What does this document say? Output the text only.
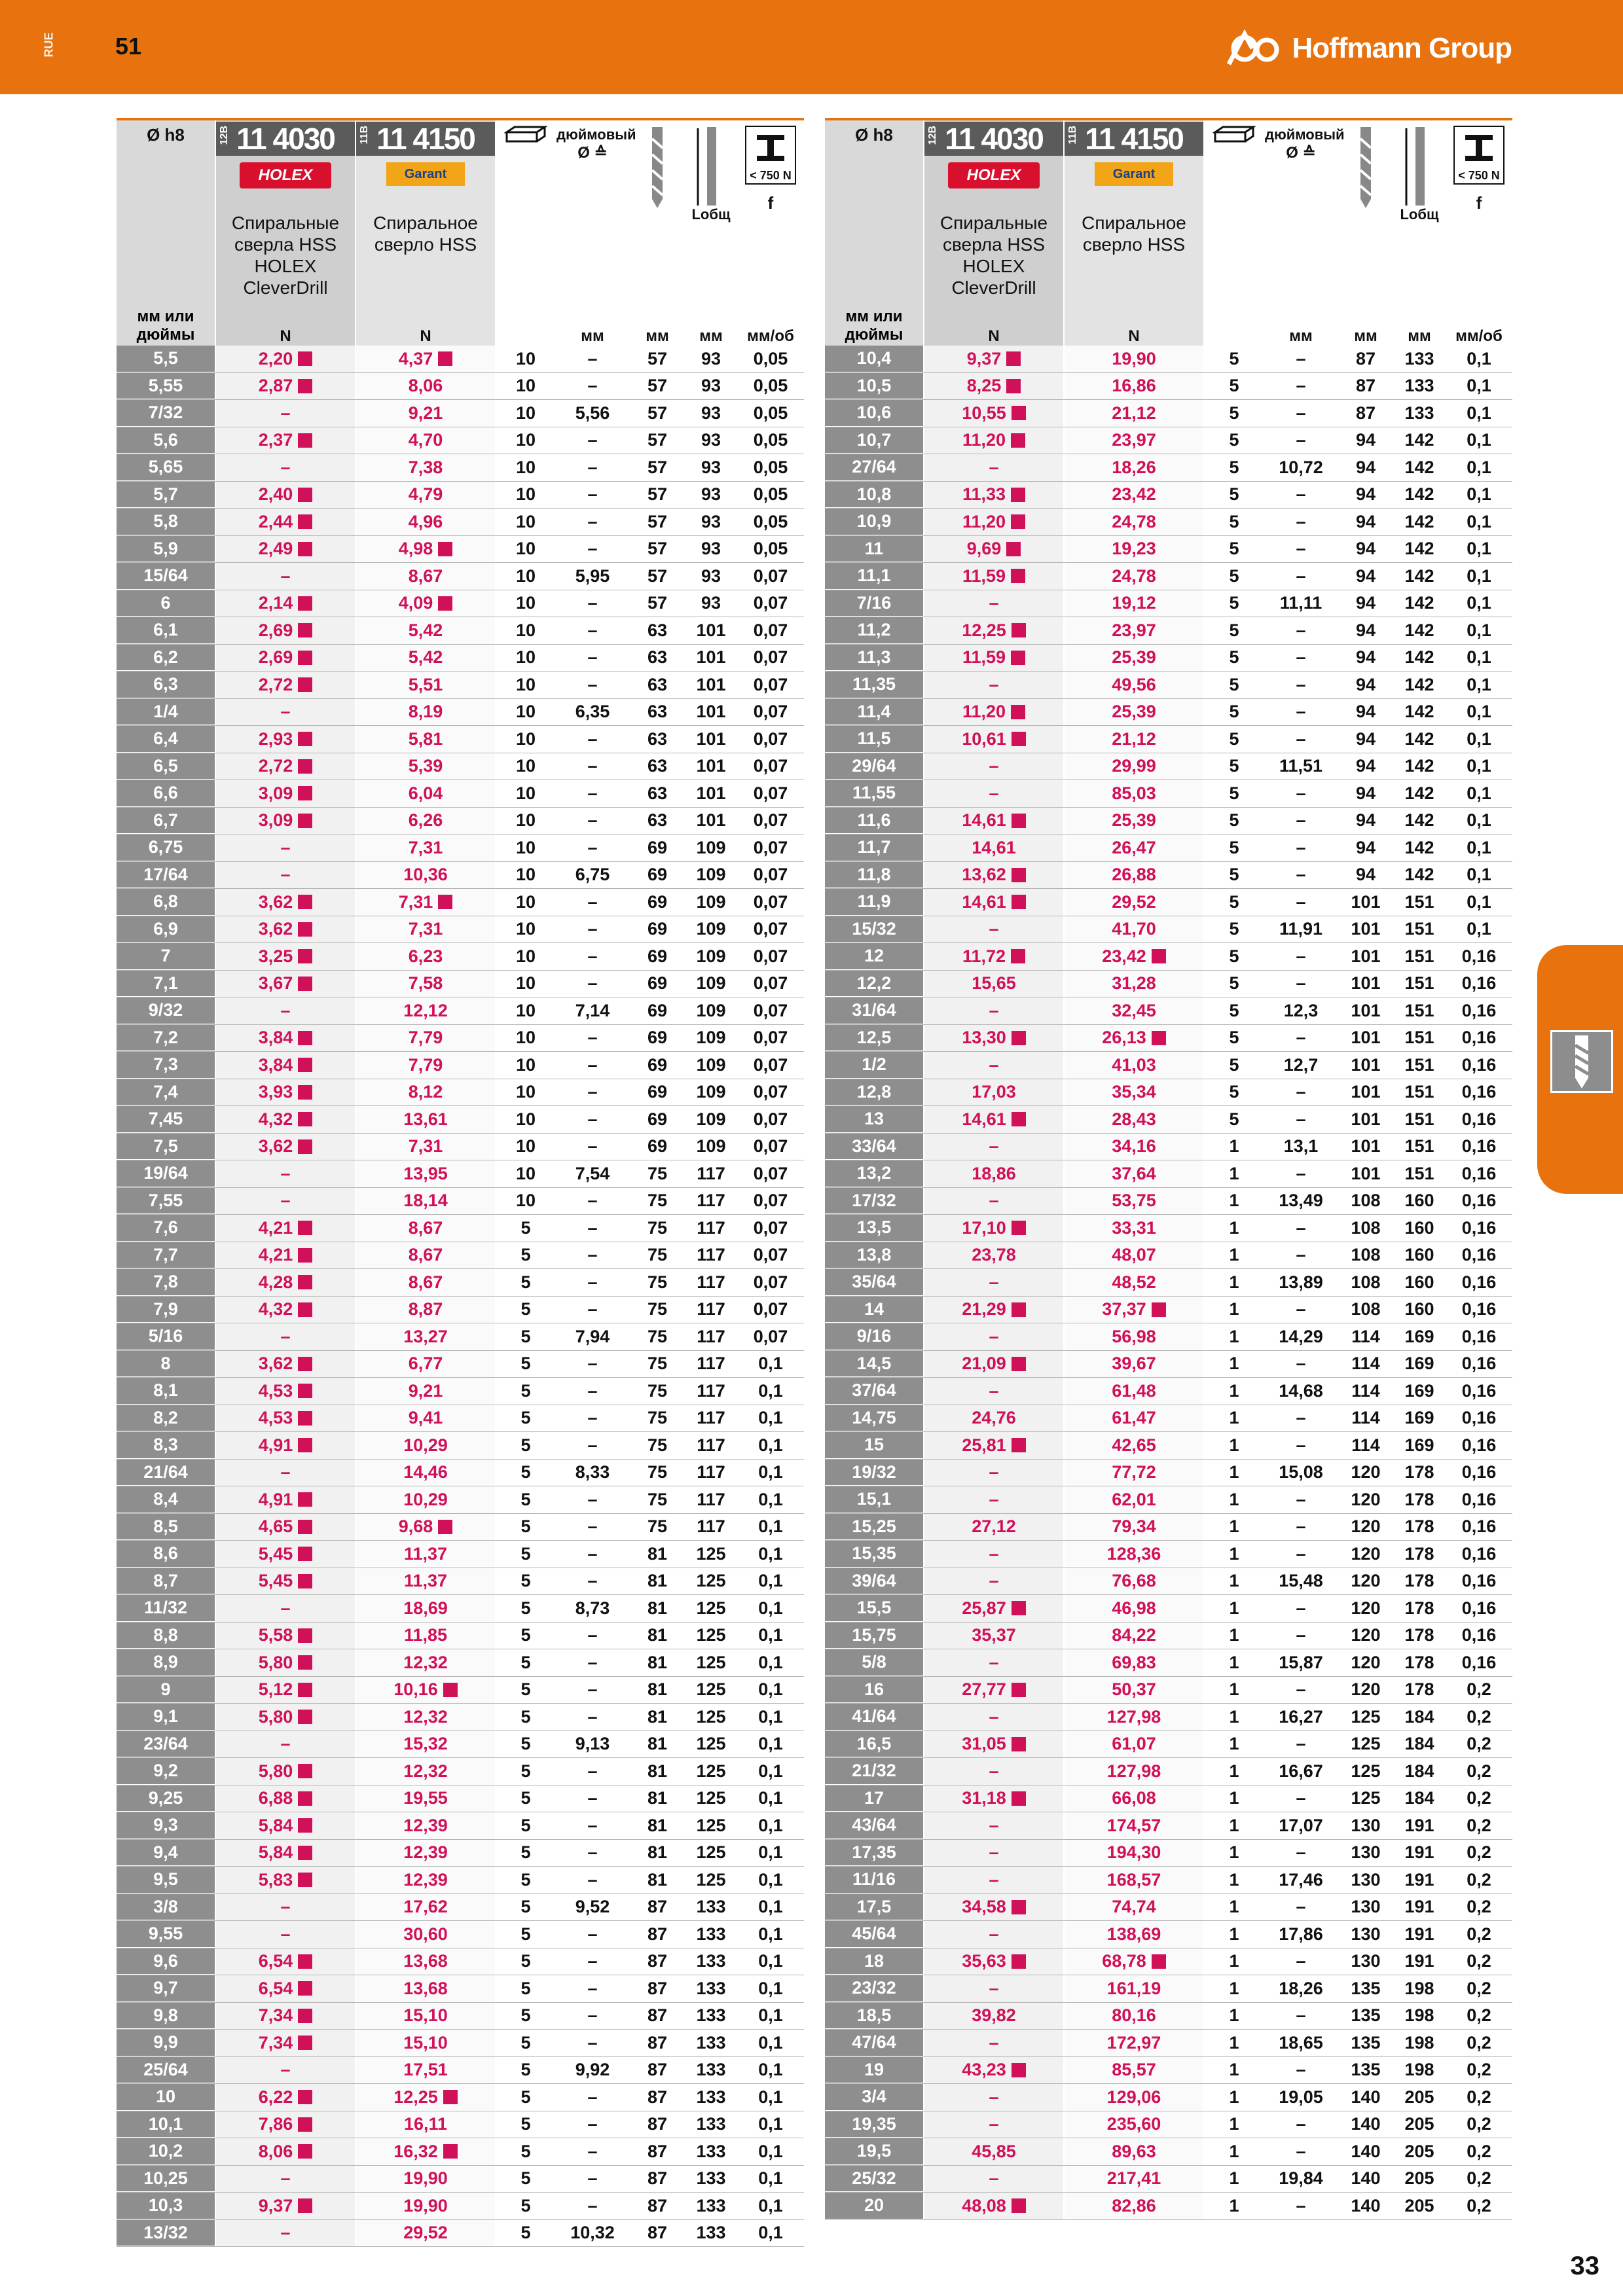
RUE	51	Hoffmann Group
33
Ø h8
мм или дюймы
12B 11 4030
HOLEX
Спиральные сверла HSS HOLEX CleverDrill
N
11B 11 4150
Garant
Спиральное сверло HSS
N
дюймовый
Ø ≙
мм	мм
Lобщ
мм
< 750 N
f
мм/об
5,5	2,20	4,37	10	–	57	93	0,05
5,55	2,87	8,06	10	–	57	93	0,05
7/32	–	9,21	10	5,56	57	93	0,05
5,6	2,37	4,70	10	–	57	93	0,05
5,65	–	7,38	10	–	57	93	0,05
5,7	2,40	4,79	10	–	57	93	0,05
5,8	2,44	4,96	10	–	57	93	0,05
5,9	2,49	4,98	10	–	57	93	0,05
15/64	–	8,67	10	5,95	57	93	0,07
6	2,14	4,09	10	–	57	93	0,07
6,1	2,69	5,42	10	–	63	101	0,07
6,2	2,69	5,42	10	–	63	101	0,07
6,3	2,72	5,51	10	–	63	101	0,07
1/4	–	8,19	10	6,35	63	101	0,07
6,4	2,93	5,81	10	–	63	101	0,07
6,5	2,72	5,39	10	–	63	101	0,07
6,6	3,09	6,04	10	–	63	101	0,07
6,7	3,09	6,26	10	–	63	101	0,07
6,75	–	7,31	10	–	69	109	0,07
17/64	–	10,36	10	6,75	69	109	0,07
6,8	3,62	7,31	10	–	69	109	0,07
6,9	3,62	7,31	10	–	69	109	0,07
7	3,25	6,23	10	–	69	109	0,07
7,1	3,67	7,58	10	–	69	109	0,07
9/32	–	12,12	10	7,14	69	109	0,07
7,2	3,84	7,79	10	–	69	109	0,07
7,3	3,84	7,79	10	–	69	109	0,07
7,4	3,93	8,12	10	–	69	109	0,07
7,45	4,32	13,61	10	–	69	109	0,07
7,5	3,62	7,31	10	–	69	109	0,07
19/64	–	13,95	10	7,54	75	117	0,07
7,55	–	18,14	10	–	75	117	0,07
7,6	4,21	8,67	5	–	75	117	0,07
7,7	4,21	8,67	5	–	75	117	0,07
7,8	4,28	8,67	5	–	75	117	0,07
7,9	4,32	8,87	5	–	75	117	0,07
5/16	–	13,27	5	7,94	75	117	0,07
8	3,62	6,77	5	–	75	117	0,1
8,1	4,53	9,21	5	–	75	117	0,1
8,2	4,53	9,41	5	–	75	117	0,1
8,3	4,91	10,29	5	–	75	117	0,1
21/64	–	14,46	5	8,33	75	117	0,1
8,4	4,91	10,29	5	–	75	117	0,1
8,5	4,65	9,68	5	–	75	117	0,1
8,6	5,45	11,37	5	–	81	125	0,1
8,7	5,45	11,37	5	–	81	125	0,1
11/32	–	18,69	5	8,73	81	125	0,1
8,8	5,58	11,85	5	–	81	125	0,1
8,9	5,80	12,32	5	–	81	125	0,1
9	5,12	10,16	5	–	81	125	0,1
9,1	5,80	12,32	5	–	81	125	0,1
23/64	–	15,32	5	9,13	81	125	0,1
9,2	5,80	12,32	5	–	81	125	0,1
9,25	6,88	19,55	5	–	81	125	0,1
9,3	5,84	12,39	5	–	81	125	0,1
9,4	5,84	12,39	5	–	81	125	0,1
9,5	5,83	12,39	5	–	81	125	0,1
3/8	–	17,62	5	9,52	87	133	0,1
9,55	–	30,60	5	–	87	133	0,1
9,6	6,54	13,68	5	–	87	133	0,1
9,7	6,54	13,68	5	–	87	133	0,1
9,8	7,34	15,10	5	–	87	133	0,1
9,9	7,34	15,10	5	–	87	133	0,1
25/64	–	17,51	5	9,92	87	133	0,1
10	6,22	12,25	5	–	87	133	0,1
10,1	7,86	16,11	5	–	87	133	0,1
10,2	8,06	16,32	5	–	87	133	0,1
10,25	–	19,90	5	–	87	133	0,1
10,3	9,37	19,90	5	–	87	133	0,1
13/32	–	29,52	5	10,32	87	133	0,1
Ø h8
мм или дюймы
12B 11 4030
HOLEX
Спиральные сверла HSS HOLEX CleverDrill
N
11B 11 4150
Garant
Спиральное сверло HSS
N
дюймовый
Ø ≙
мм	мм
Lобщ
мм
< 750 N
f
мм/об
10,4	9,37	19,90	5	–	87	133	0,1
10,5	8,25	16,86	5	–	87	133	0,1
10,6	10,55	21,12	5	–	87	133	0,1
10,7	11,20	23,97	5	–	94	142	0,1
27/64	–	18,26	5	10,72	94	142	0,1
10,8	11,33	23,42	5	–	94	142	0,1
10,9	11,20	24,78	5	–	94	142	0,1
11	9,69	19,23	5	–	94	142	0,1
11,1	11,59	24,78	5	–	94	142	0,1
7/16	–	19,12	5	11,11	94	142	0,1
11,2	12,25	23,97	5	–	94	142	0,1
11,3	11,59	25,39	5	–	94	142	0,1
11,35	–	49,56	5	–	94	142	0,1
11,4	11,20	25,39	5	–	94	142	0,1
11,5	10,61	21,12	5	–	94	142	0,1
29/64	–	29,99	5	11,51	94	142	0,1
11,55	–	85,03	5	–	94	142	0,1
11,6	14,61	25,39	5	–	94	142	0,1
11,7	14,61	26,47	5	–	94	142	0,1
11,8	13,62	26,88	5	–	94	142	0,1
11,9	14,61	29,52	5	–	101	151	0,1
15/32	–	41,70	5	11,91	101	151	0,1
12	11,72	23,42	5	–	101	151	0,16
12,2	15,65	31,28	5	–	101	151	0,16
31/64	–	32,45	5	12,3	101	151	0,16
12,5	13,30	26,13	5	–	101	151	0,16
1/2	–	41,03	5	12,7	101	151	0,16
12,8	17,03	35,34	5	–	101	151	0,16
13	14,61	28,43	5	–	101	151	0,16
33/64	–	34,16	1	13,1	101	151	0,16
13,2	18,86	37,64	1	–	101	151	0,16
17/32	–	53,75	1	13,49	108	160	0,16
13,5	17,10	33,31	1	–	108	160	0,16
13,8	23,78	48,07	1	–	108	160	0,16
35/64	–	48,52	1	13,89	108	160	0,16
14	21,29	37,37	1	–	108	160	0,16
9/16	–	56,98	1	14,29	114	169	0,16
14,5	21,09	39,67	1	–	114	169	0,16
37/64	–	61,48	1	14,68	114	169	0,16
14,75	24,76	61,47	1	–	114	169	0,16
15	25,81	42,65	1	–	114	169	0,16
19/32	–	77,72	1	15,08	120	178	0,16
15,1	–	62,01	1	–	120	178	0,16
15,25	27,12	79,34	1	–	120	178	0,16
15,35	–	128,36	1	–	120	178	0,16
39/64	–	76,68	1	15,48	120	178	0,16
15,5	25,87	46,98	1	–	120	178	0,16
15,75	35,37	84,22	1	–	120	178	0,16
5/8	–	69,83	1	15,87	120	178	0,16
16	27,77	50,37	1	–	120	178	0,2
41/64	–	127,98	1	16,27	125	184	0,2
16,5	31,05	61,07	1	–	125	184	0,2
21/32	–	127,98	1	16,67	125	184	0,2
17	31,18	66,08	1	–	125	184	0,2
43/64	–	174,57	1	17,07	130	191	0,2
17,35	–	194,30	1	–	130	191	0,2
11/16	–	168,57	1	17,46	130	191	0,2
17,5	34,58	74,74	1	–	130	191	0,2
45/64	–	138,69	1	17,86	130	191	0,2
18	35,63	68,78	1	–	130	191	0,2
23/32	–	161,19	1	18,26	135	198	0,2
18,5	39,82	80,16	1	–	135	198	0,2
47/64	–	172,97	1	18,65	135	198	0,2
19	43,23	85,57	1	–	135	198	0,2
3/4	–	129,06	1	19,05	140	205	0,2
19,35	–	235,60	1	–	140	205	0,2
19,5	45,85	89,63	1	–	140	205	0,2
25/32	–	217,41	1	19,84	140	205	0,2
20	48,08	82,86	1	–	140	205	0,2
